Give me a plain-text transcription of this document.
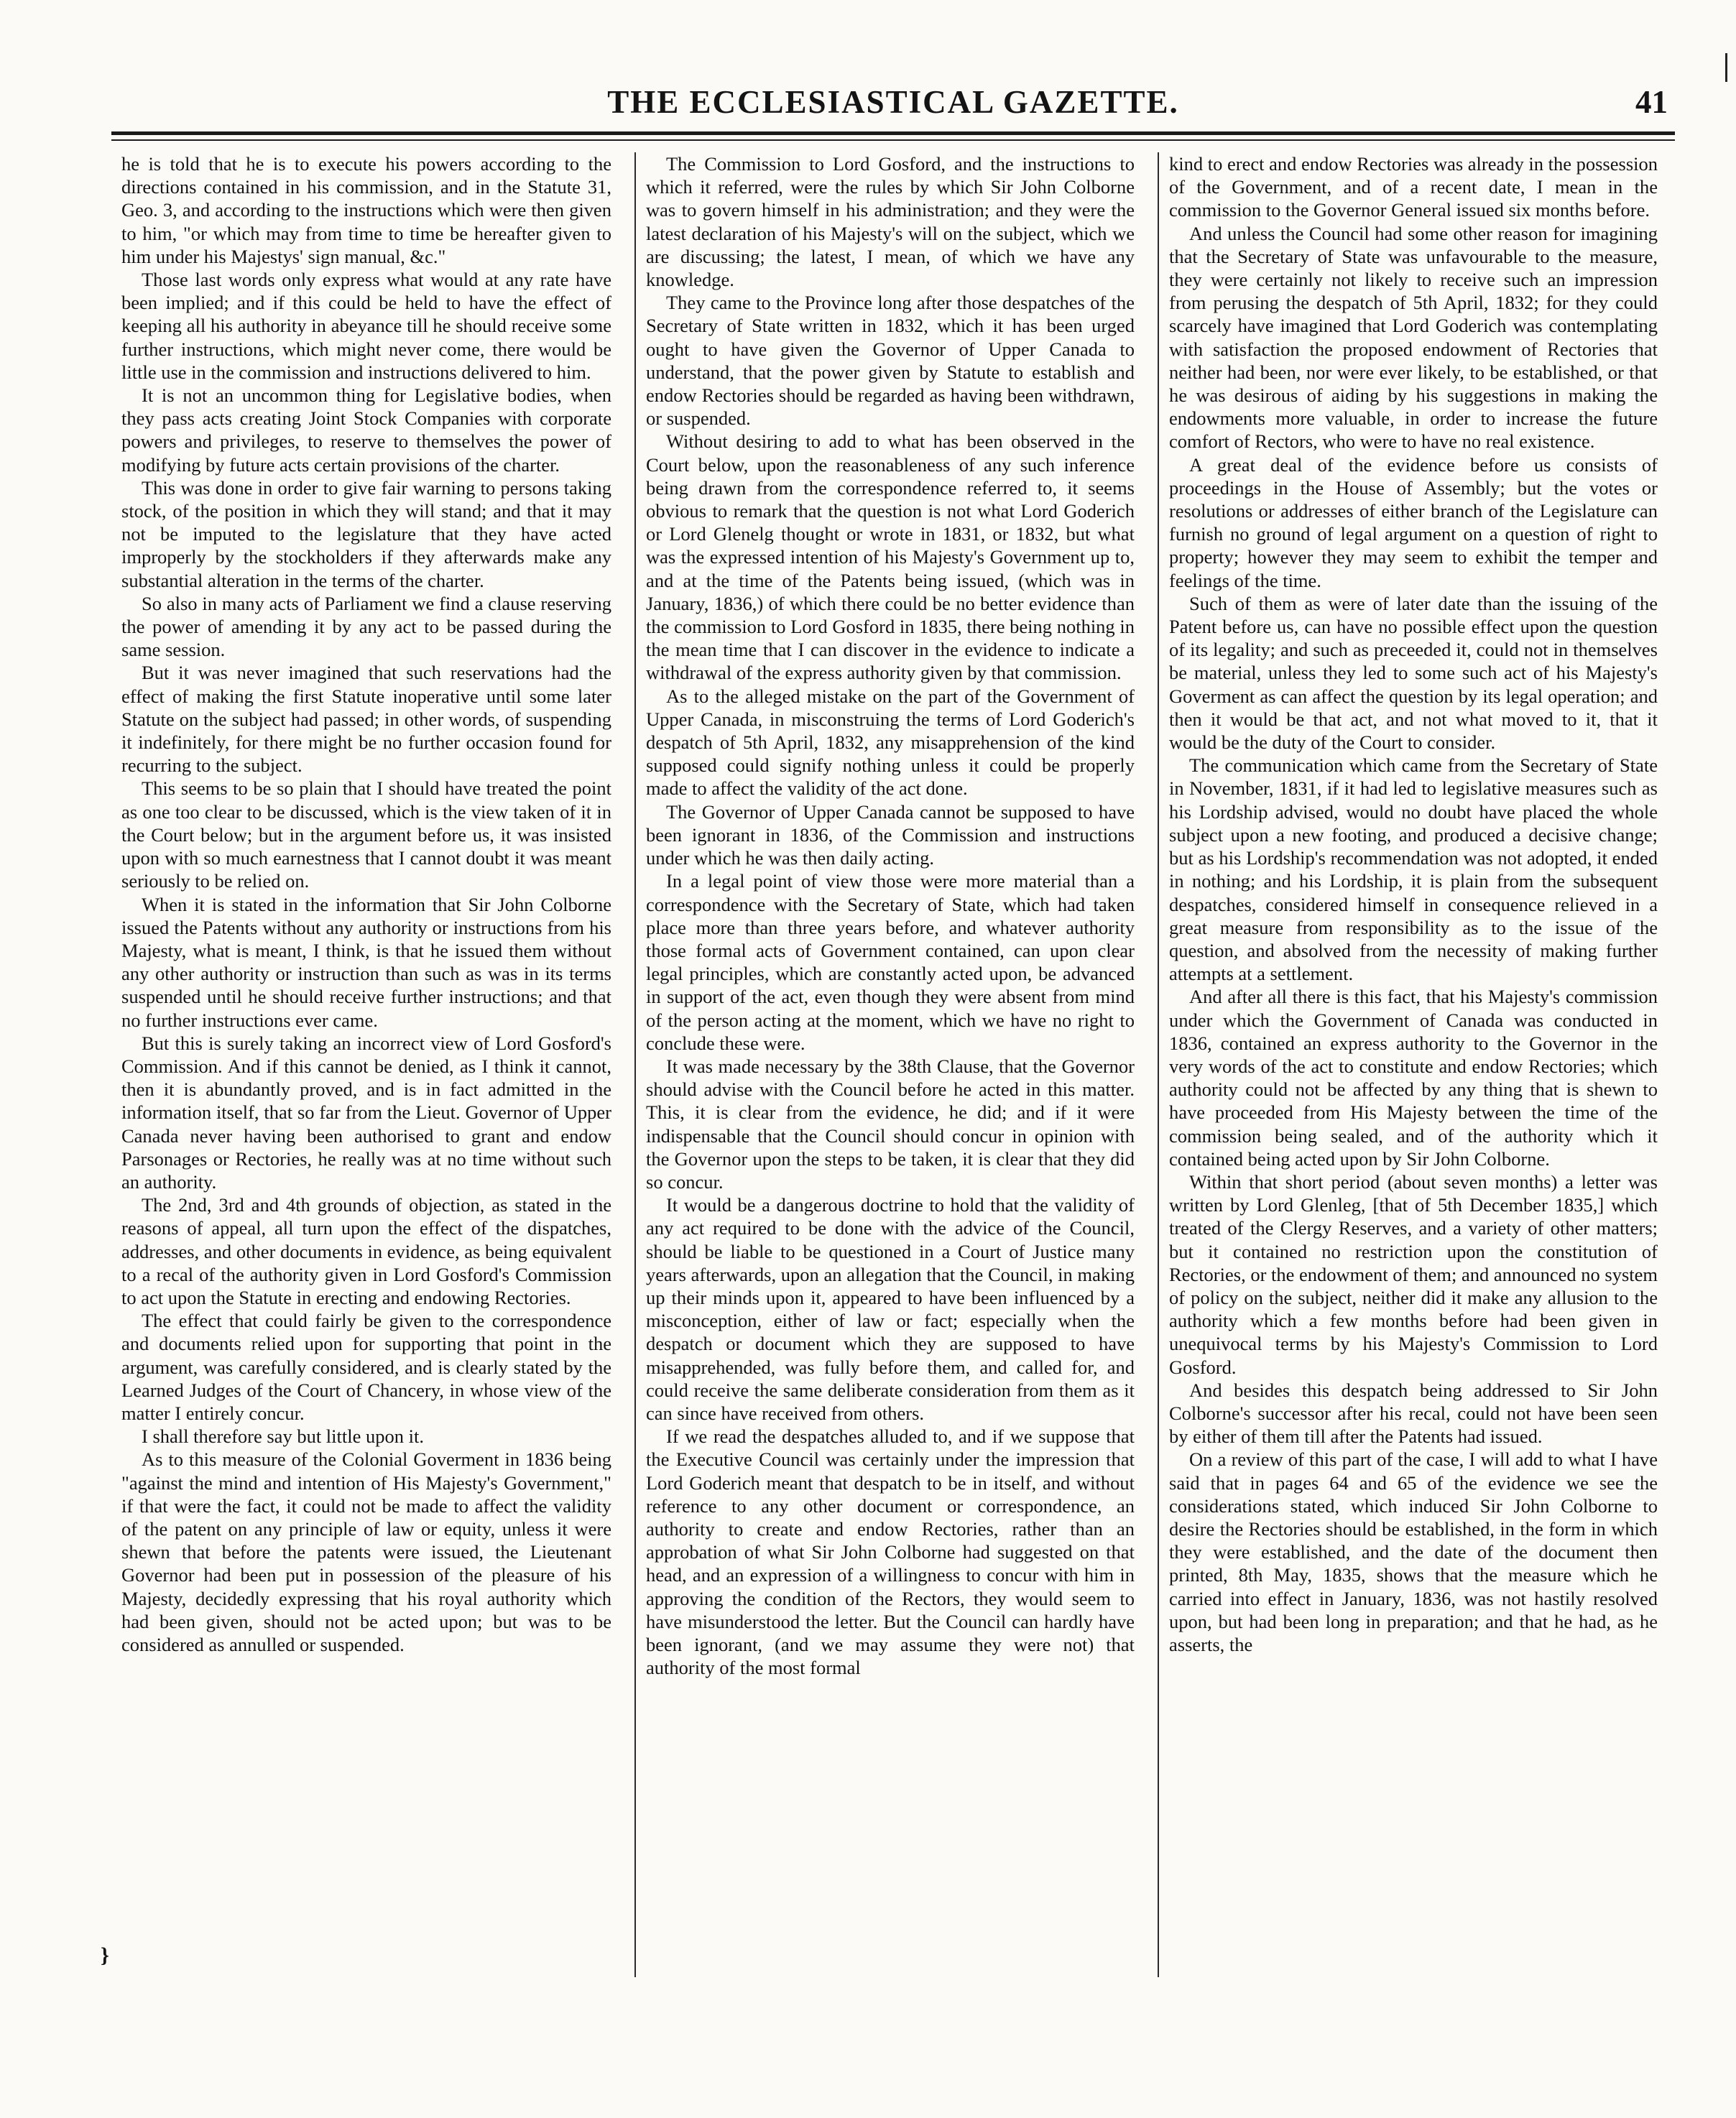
THE ECCLESIASTICAL GAZETTE.	41

he is told that he is to execute his powers according to the directions contained in his commission, and in the Statute 31, Geo. 3, and according to the instructions which were then given to him, "or which may from time to time be hereafter given to him under his Majestys' sign manual, &c."

Those last words only express what would at any rate have been implied; and if this could be held to have the effect of keeping all his authority in abeyance till he should receive some further instructions, which might never come, there would be little use in the commission and instructions delivered to him.

It is not an uncommon thing for Legislative bodies, when they pass acts creating Joint Stock Companies with corporate powers and privileges, to reserve to themselves the power of modifying by future acts certain provisions of the charter.

This was done in order to give fair warning to persons taking stock, of the position in which they will stand; and that it may not be imputed to the legislature that they have acted improperly by the stockholders if they afterwards make any substantial alteration in the terms of the charter.

So also in many acts of Parliament we find a clause reserving the power of amending it by any act to be passed during the same session.

But it was never imagined that such reservations had the effect of making the first Statute inoperative until some later Statute on the subject had passed; in other words, of suspending it indefinitely, for there might be no further occasion found for recurring to the subject.

This seems to be so plain that I should have treated the point as one too clear to be discussed, which is the view taken of it in the Court below; but in the argument before us, it was insisted upon with so much earnestness that I cannot doubt it was meant seriously to be relied on.

When it is stated in the information that Sir John Colborne issued the Patents without any authority or instructions from his Majesty, what is meant, I think, is that he issued them without any other authority or instruction than such as was in its terms suspended until he should receive further instructions; and that no further instructions ever came.

But this is surely taking an incorrect view of Lord Gosford's Commission. And if this cannot be denied, as I think it cannot, then it is abundantly proved, and is in fact admitted in the information itself, that so far from the Lieut. Governor of Upper Canada never having been authorised to grant and endow Parsonages or Rectories, he really was at no time without such an authority.

The 2nd, 3rd and 4th grounds of objection, as stated in the reasons of appeal, all turn upon the effect of the dispatches, addresses, and other documents in evidence, as being equivalent to a recal of the authority given in Lord Gosford's Commission to act upon the Statute in erecting and endowing Rectories.

The effect that could fairly be given to the correspondence and documents relied upon for supporting that point in the argument, was carefully considered, and is clearly stated by the Learned Judges of the Court of Chancery, in whose view of the matter I entirely concur.

I shall therefore say but little upon it.

As to this measure of the Colonial Goverment in 1836 being "against the mind and intention of His Majesty's Government," if that were the fact, it could not be made to affect the validity of the patent on any principle of law or equity, unless it were shewn that before the patents were issued, the Lieutenant Governor had been put in possession of the pleasure of his Majesty, decidedly expressing that his royal authority which had been given, should not be acted upon; but was to be considered as annulled or suspended.

The Commission to Lord Gosford, and the instructions to which it referred, were the rules by which Sir John Colborne was to govern himself in his administration; and they were the latest declaration of his Majesty's will on the subject, which we are discussing; the latest, I mean, of which we have any knowledge.

They came to the Province long after those despatches of the Secretary of State written in 1832, which it has been urged ought to have given the Governor of Upper Canada to understand, that the power given by Statute to establish and endow Rectories should be regarded as having been withdrawn, or suspended.

Without desiring to add to what has been observed in the Court below, upon the reasonableness of any such inference being drawn from the correspondence referred to, it seems obvious to remark that the question is not what Lord Goderich or Lord Glenelg thought or wrote in 1831, or 1832, but what was the expressed intention of his Majesty's Government up to, and at the time of the Patents being issued, (which was in January, 1836,) of which there could be no better evidence than the commission to Lord Gosford in 1835, there being nothing in the mean time that I can discover in the evidence to indicate a withdrawal of the express authority given by that commission.

As to the alleged mistake on the part of the Government of Upper Canada, in misconstruing the terms of Lord Goderich's despatch of 5th April, 1832, any misapprehension of the kind supposed could signify nothing unless it could be properly made to affect the validity of the act done.

The Governor of Upper Canada cannot be supposed to have been ignorant in 1836, of the Commission and instructions under which he was then daily acting.

In a legal point of view those were more material than a correspondence with the Secretary of State, which had taken place more than three years before, and whatever authority those formal acts of Government contained, can upon clear legal principles, which are constantly acted upon, be advanced in support of the act, even though they were absent from mind of the person acting at the moment, which we have no right to conclude these were.

It was made necessary by the 38th Clause, that the Governor should advise with the Council before he acted in this matter. This, it is clear from the evidence, he did; and if it were indispensable that the Council should concur in opinion with the Governor upon the steps to be taken, it is clear that they did so concur.

It would be a dangerous doctrine to hold that the validity of any act required to be done with the advice of the Council, should be liable to be questioned in a Court of Justice many years afterwards, upon an allegation that the Council, in making up their minds upon it, appeared to have been influenced by a misconception, either of law or fact; especially when the despatch or document which they are supposed to have misapprehended, was fully before them, and called for, and could receive the same deliberate consideration from them as it can since have received from others.

If we read the despatches alluded to, and if we suppose that the Executive Council was certainly under the impression that Lord Goderich meant that despatch to be in itself, and without reference to any other document or correspondence, an authority to create and endow Rectories, rather than an approbation of what Sir John Colborne had suggested on that head, and an expression of a willingness to concur with him in approving the condition of the Rectors, they would seem to have misunderstood the letter. But the Council can hardly have been ignorant, (and we may assume they were not) that authority of the most formal

kind to erect and endow Rectories was already in the possession of the Government, and of a recent date, I mean in the commission to the Governor General issued six months before.

And unless the Council had some other reason for imagining that the Secretary of State was unfavourable to the measure, they were certainly not likely to receive such an impression from perusing the despatch of 5th April, 1832; for they could scarcely have imagined that Lord Goderich was contemplating with satisfaction the proposed endowment of Rectories that neither had been, nor were ever likely, to be established, or that he was desirous of aiding by his suggestions in making the endowments more valuable, in order to increase the future comfort of Rectors, who were to have no real existence.

A great deal of the evidence before us consists of proceedings in the House of Assembly; but the votes or resolutions or addresses of either branch of the Legislature can furnish no ground of legal argument on a question of right to property; however they may seem to exhibit the temper and feelings of the time.

Such of them as were of later date than the issuing of the Patent before us, can have no possible effect upon the question of its legality; and such as preceeded it, could not in themselves be material, unless they led to some such act of his Majesty's Goverment as can affect the question by its legal operation; and then it would be that act, and not what moved to it, that it would be the duty of the Court to consider.

The communication which came from the Secretary of State in November, 1831, if it had led to legislative measures such as his Lordship advised, would no doubt have placed the whole subject upon a new footing, and produced a decisive change; but as his Lordship's recommendation was not adopted, it ended in nothing; and his Lordship, it is plain from the subsequent despatches, considered himself in consequence relieved in a great measure from responsibility as to the issue of the question, and absolved from the necessity of making further attempts at a settlement.

And after all there is this fact, that his Majesty's commission under which the Government of Canada was conducted in 1836, contained an express authority to the Governor in the very words of the act to constitute and endow Rectories; which authority could not be affected by any thing that is shewn to have proceeded from His Majesty between the time of the commission being sealed, and of the authority which it contained being acted upon by Sir John Colborne.

Within that short period (about seven months) a letter was written by Lord Glenleg, [that of 5th December 1835,] which treated of the Clergy Reserves, and a variety of other matters; but it contained no restriction upon the constitution of Rectories, or the endowment of them; and announced no system of policy on the subject, neither did it make any allusion to the authority which a few months before had been given in unequivocal terms by his Majesty's Commission to Lord Gosford.

And besides this despatch being addressed to Sir John Colborne's successor after his recal, could not have been seen by either of them till after the Patents had issued.

On a review of this part of the case, I will add to what I have said that in pages 64 and 65 of the evidence we see the considerations stated, which induced Sir John Colborne to desire the Rectories should be established, in the form in which they were established, and the date of the document then printed, 8th May, 1835, shows that the measure which he carried into effect in January, 1836, was not hastily resolved upon, but had been long in preparation; and that he had, as he asserts, the

}
